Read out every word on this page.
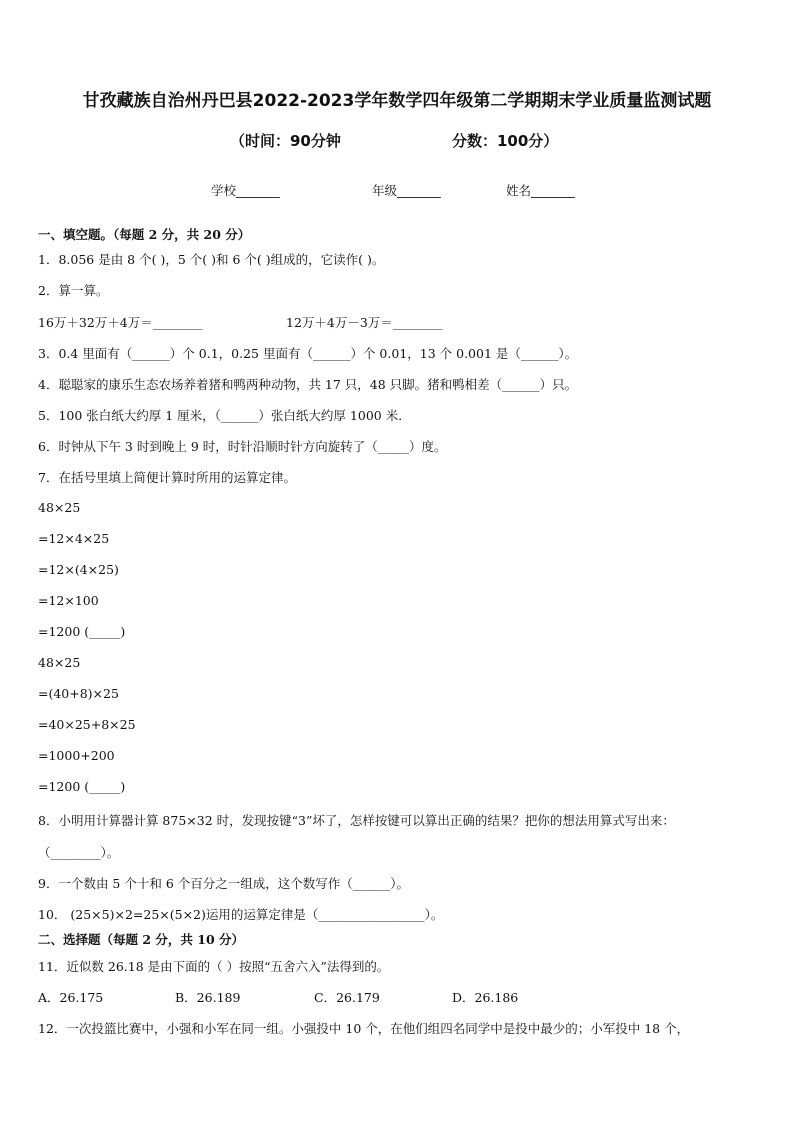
甘孜藏族自治州丹巴县2022-2023学年数学四年级第二学期期末学业质量监测试题
（时间：90分钟	分数：100分）
学校_______	年级_______	姓名_______
一、填空题。（每题 2 分，共 20 分）
1．8.056 是由 8 个( )，5 个( )和 6 个( )组成的，它读作( )。
2．算一算。
16万＋32万＋4万＝________	12万＋4万－3万＝________
3．0.4 里面有（______）个 0.1，0.25 里面有（______）个 0.01，13 个 0.001 是（______）。
4．聪聪家的康乐生态农场养着猪和鸭两种动物，共 17 只，48 只脚。猪和鸭相差（______）只。
5．100 张白纸大约厚 1 厘米，（______）张白纸大约厚 1000 米．
6．时钟从下午 3 时到晚上 9 时，时针沿顺时针方向旋转了（_____）度。
7．在括号里填上简便计算时所用的运算定律。
48×25
=12×4×25
=12×(4×25)
=12×100
=1200 (_____)
48×25
=(40+8)×25
=40×25+8×25
=1000+200
=1200 (_____)
8．小明用计算器计算 875×32 时，发现按键“3”坏了，怎样按键可以算出正确的结果？把你的想法用算式写出来：
（________）。
9．一个数由 5 个十和 6 个百分之一组成，这个数写作（______）。
10． (25×5)×2=25×(5×2)运用的运算定律是（_________________）。
二、选择题（每题 2 分，共 10 分）
11．近似数 26.18 是由下面的（ ）按照“五舍六入”法得到的。
A．26.175	B．26.189	C．26.179	D．26.186
12．一次投篮比赛中，小强和小军在同一组。小强投中 10 个，在他们组四名同学中是投中最少的；小军投中 18 个，
